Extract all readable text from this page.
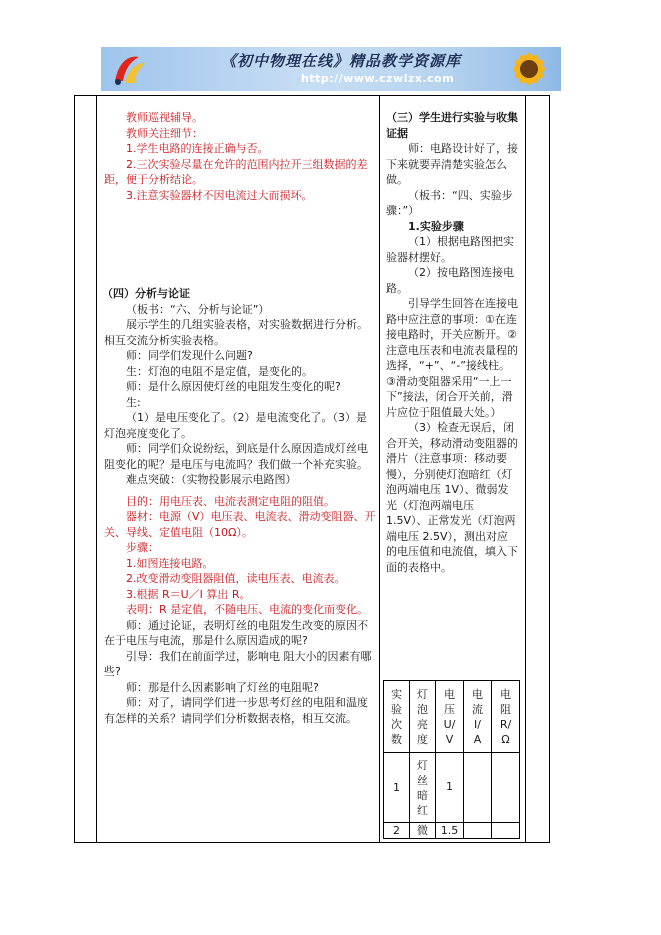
《初中物理在线》精品教学资源库
http://www.czwlzx.com

教师巡视辅导。

教师关注细节：

1.学生电路的连接正确与否。

2.三次实验尽量在允许的范围内拉开三组数据的差距，便于分析结论。

3.注意实验器材不因电流过大而损坏。

（四）分析与论证

（板书：“六、分析与论证”）

展示学生的几组实验表格，对实验数据进行分析。相互交流分析实验表格。

师：同学们发现什么问题?

生：灯泡的电阻不是定值，是变化的。

师：是什么原因使灯丝的电阻发生变化的呢?

生:

（1）是电压变化了。（2）是电流变化了。（3）是灯泡亮度变化了。

师：同学们众说纷纭，到底是什么原因造成灯丝电阻变化的呢？是电压与电流吗？我们做一个补充实验。

难点突破：（实物投影展示电路图）

目的：用电压表、电流表测定电阻的阻值。

器材：电源（V）电压表、电流表、滑动变阻器、开关、导线、定值电阻（10Ω）。

步骤：

1.如图连接电路。

2.改变滑动变阻器阻值，读电压表、电流表。

3.根据 R＝U／I 算出 R。

表明：R 是定值，不随电压、电流的变化而变化。

师：通过论证，表明灯丝的电阻发生改变的原因不在于电压与电流，那是什么原因造成的呢?

引导：我们在前面学过，影响电 阻大小的因素有哪些?

师：那是什么因素影响了灯丝的电阻呢?

师：对了，请同学们进一步思考灯丝的电阻和温度有怎样的关系？请同学们分析数据表格，相互交流。

（三）学生进行实验与收集证据

师：电路设计好了，接下来就要弄清楚实验怎么做。

（板书：“四、实验步骤：”）

1.实验步骤

（1）根据电路图把实验器材摆好。

（2）按电路图连接电路。

引导学生回答在连接电路中应注意的事项：①在连接电路时，开关应断开。②注意电压表和电流表量程的选择，“+”、“-”接线柱。③滑动变阻器采用“一上一下”接法，闭合开关前，滑片应位于阻值最大处。）

（3）检查无误后，闭合开关，移动滑动变阻器的滑片（注意事项：移动要慢），分别使灯泡暗红（灯泡两端电压 1V）、微弱发光（灯泡两端电压 1.5V）、正常发光（灯泡两端电压 2.5V），测出对应的电压值和电流值，填入下面的表格中。

实验次数	灯泡亮度	电压U/V	电流I/A	电阻R/Ω
1	灯丝暗红	1		
2	微	1.5		
